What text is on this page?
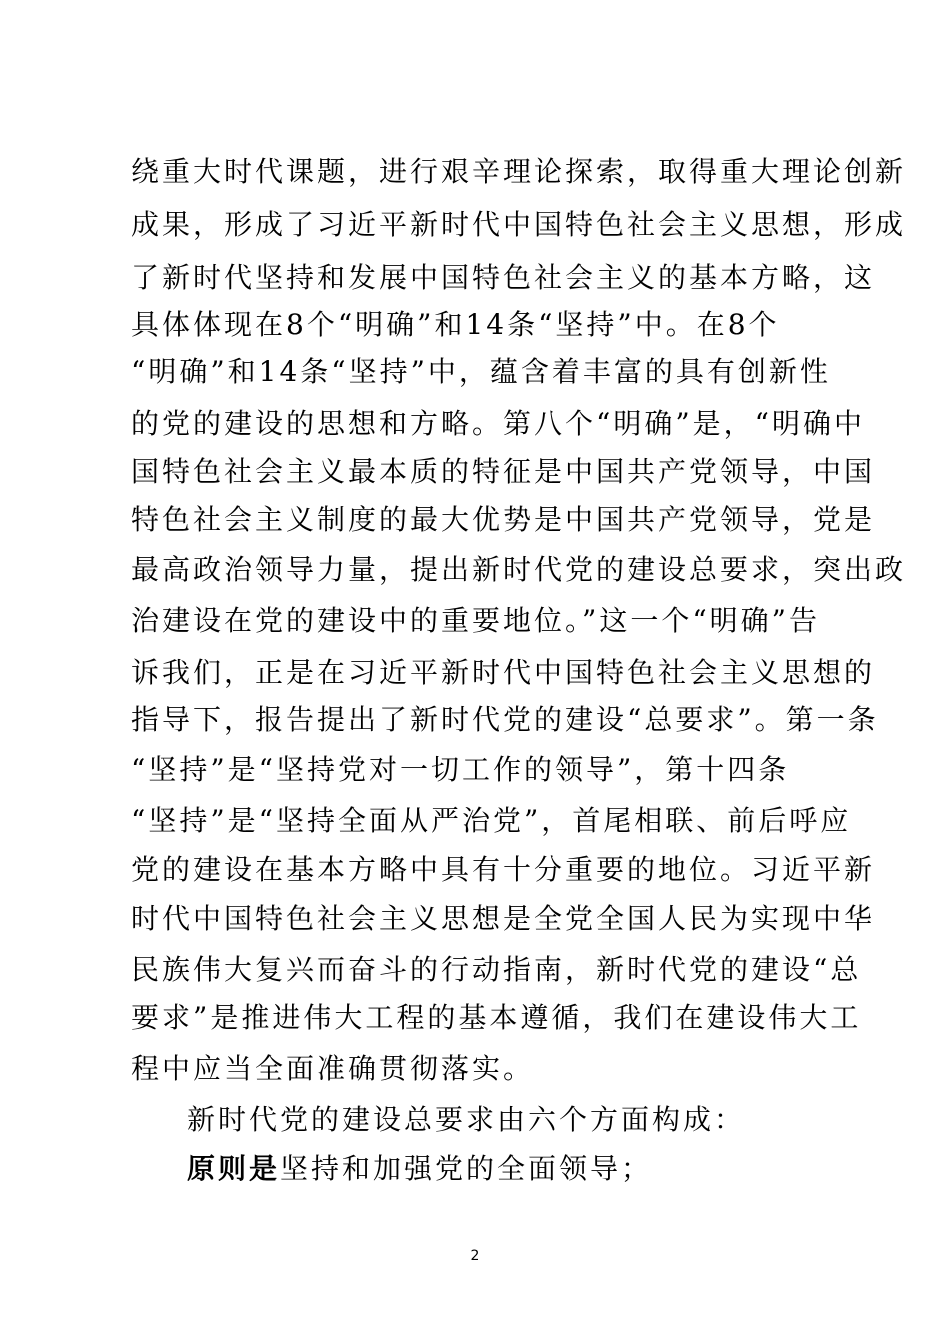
绕重大时代课题，进行艰辛理论探索，取得重大理论创新
成果，形成了习近平新时代中国特色社会主义思想，形成
了新时代坚持和发展中国特色社会主义的基本方略，这
具体体现在8个“明确”和14条“坚持”中。在8个
“明确”和14条“坚持”中，蕴含着丰富的具有创新性
的党的建设的思想和方略。第八个“明确”是，“明确中
国特色社会主义最本质的特征是中国共产党领导，中国
特色社会主义制度的最大优势是中国共产党领导，党是
最高政治领导力量，提出新时代党的建设总要求，突出政
治建设在党的建设中的重要地位。”这一个“明确”告
诉我们，正是在习近平新时代中国特色社会主义思想的
指导下，报告提出了新时代党的建设“总要求”。第一条
“坚持”是“坚持党对一切工作的领导”，第十四条
“坚持”是“坚持全面从严治党”，首尾相联、前后呼应
党的建设在基本方略中具有十分重要的地位。习近平新
时代中国特色社会主义思想是全党全国人民为实现中华
民族伟大复兴而奋斗的行动指南，新时代党的建设“总
要求”是推进伟大工程的基本遵循，我们在建设伟大工
程中应当全面准确贯彻落实。
新时代党的建设总要求由六个方面构成：
原则是坚持和加强党的全面领导；
2
